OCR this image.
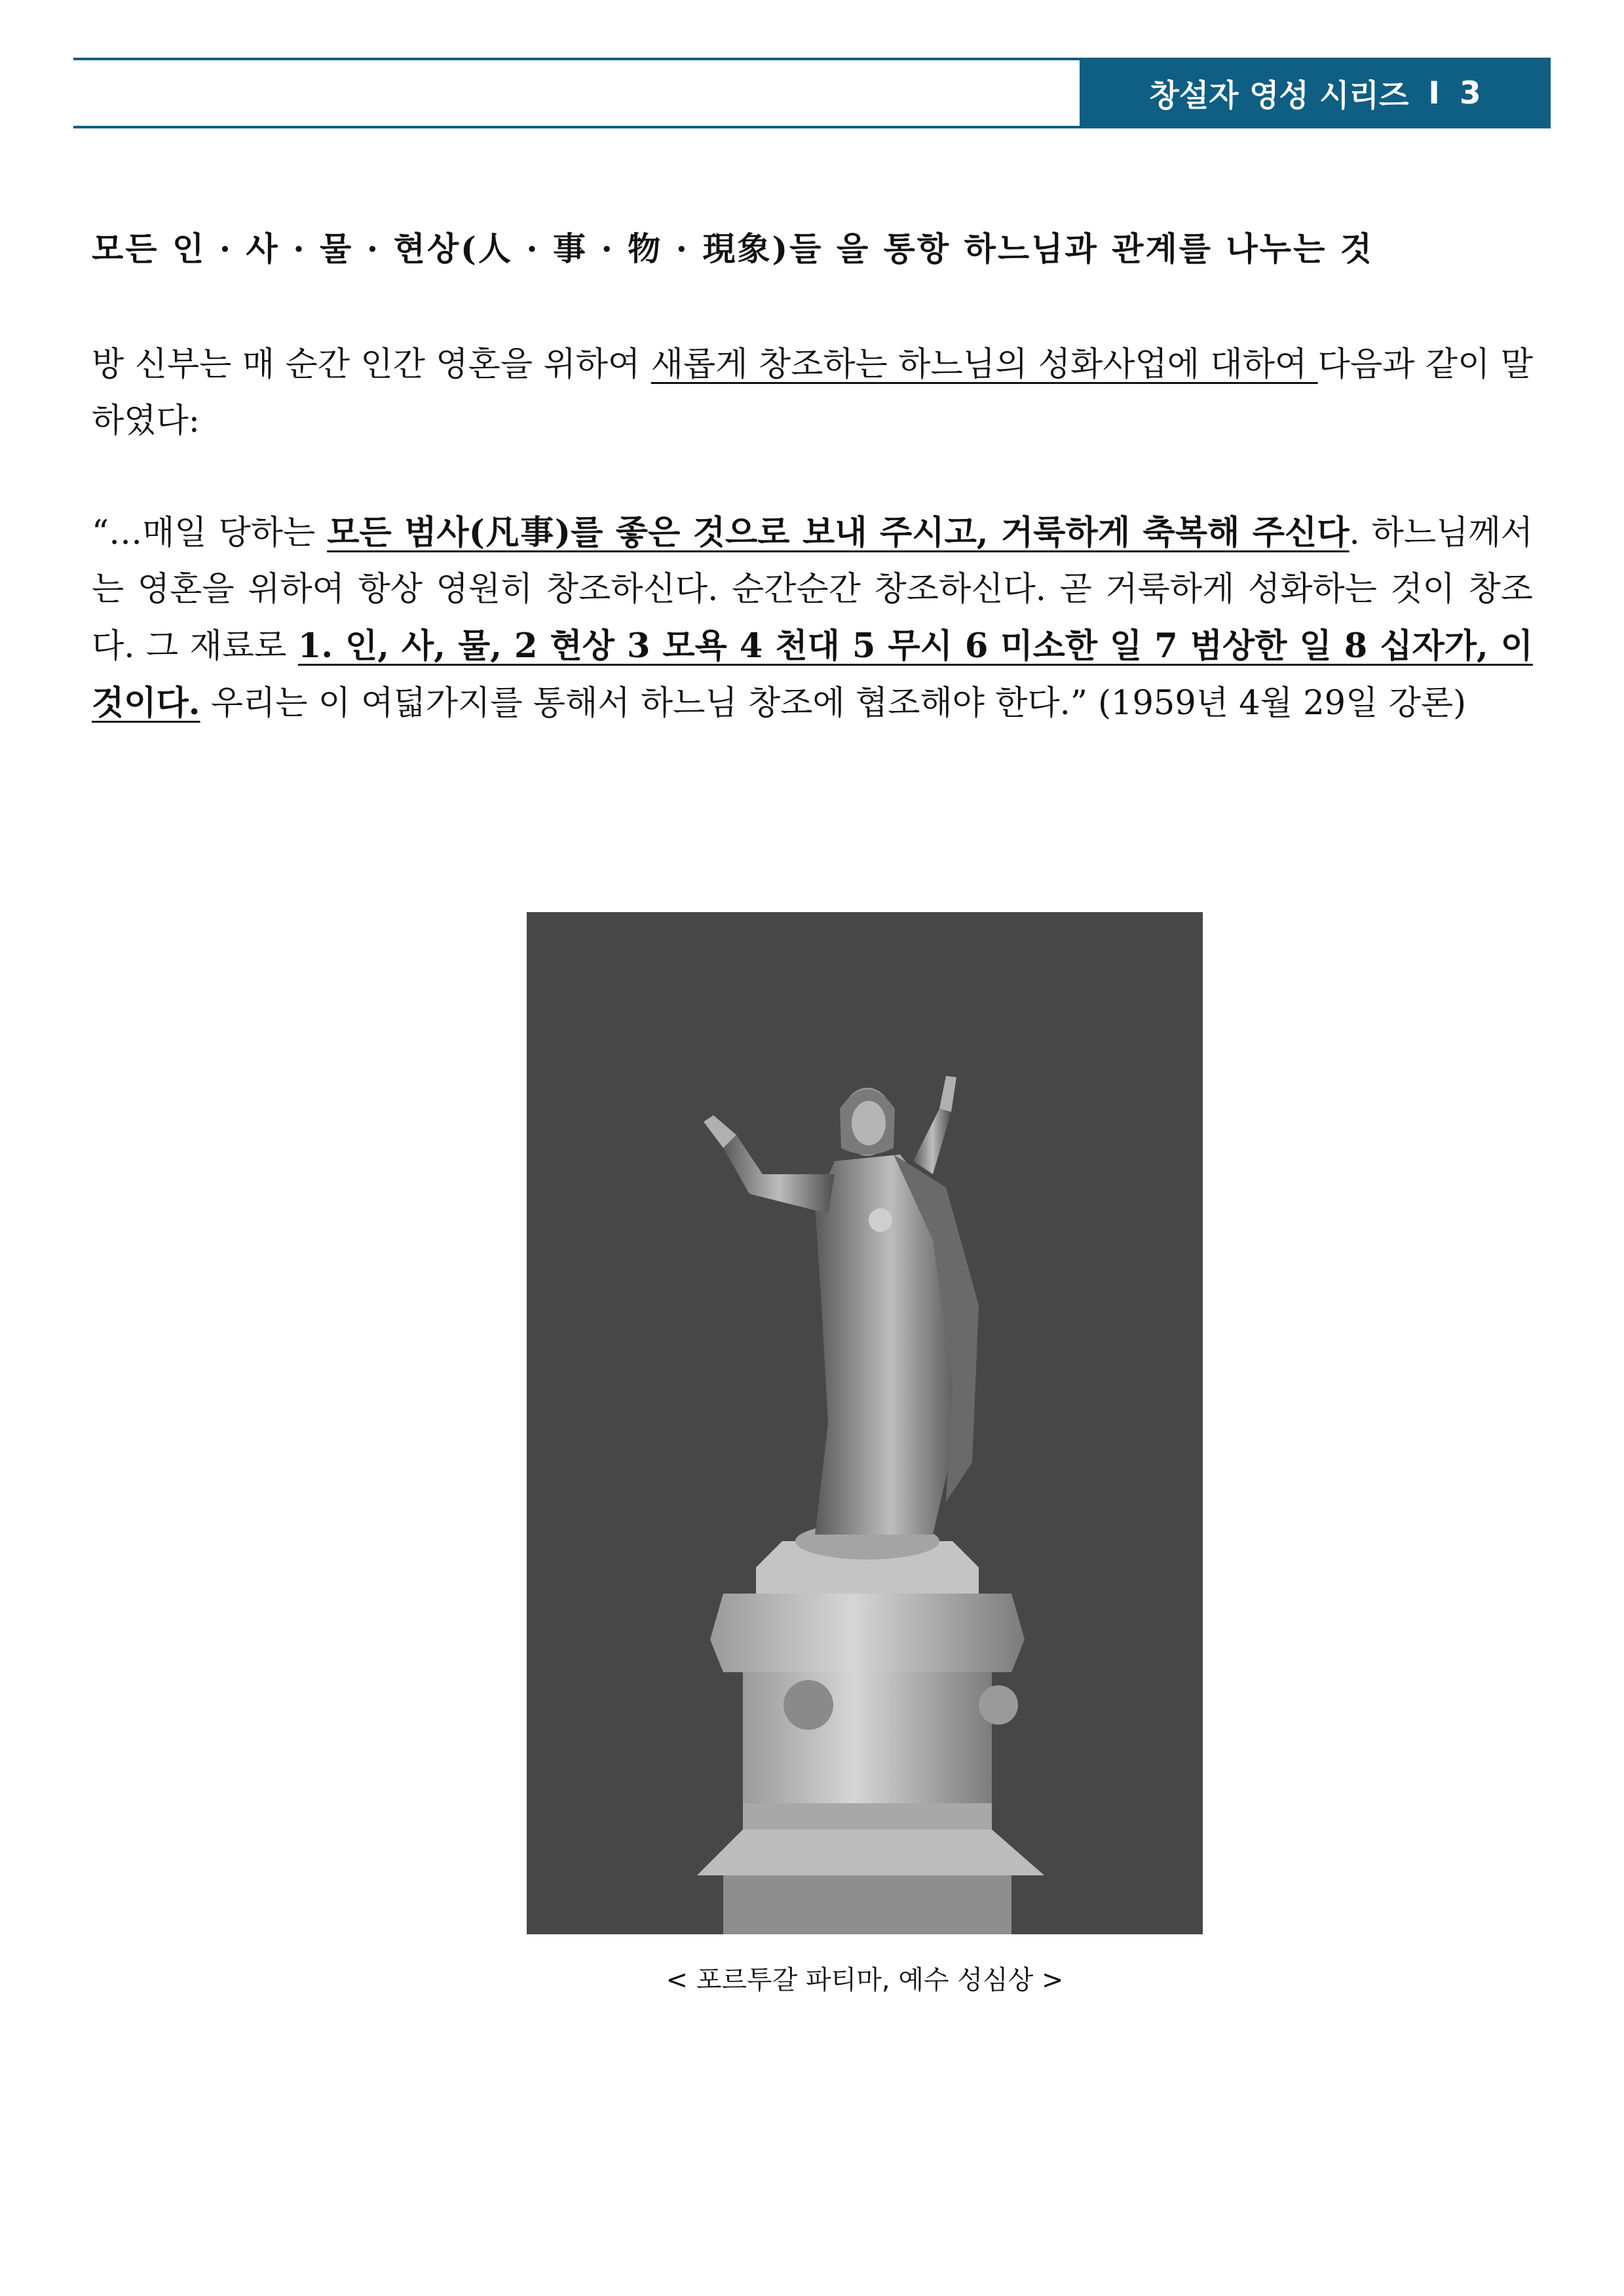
창설자 영성 시리즈 I 3
모든 인 · 사 · 물 · 현상(人 · 事 · 物 · 現象)들 을 통항 하느님과 관계를 나누는 것
방 신부는 매 순간 인간 영혼을 위하여 새롭게 창조하는 하느님의 성화사업에 대하여 다음과 같이 말하였다:
“…매일 당하는 모든 범사(凡事)를 좋은 것으로 보내 주시고, 거룩하게 축복해 주신다. 하느님께서는 영혼을 위하여 항상 영원히 창조하신다. 순간순간 창조하신다. 곧 거룩하게 성화하는 것이 창조다. 그 재료로 1. 인, 사, 물, 2 현상 3 모욕 4 천대 5 무시 6 미소한 일 7 범상한 일 8 십자가, 이것이다. 우리는 이 여덟가지를 통해서 하느님 창조에 협조해야 한다.” (1959년 4월 29일 강론)
< 포르투갈 파티마, 예수 성심상 >
